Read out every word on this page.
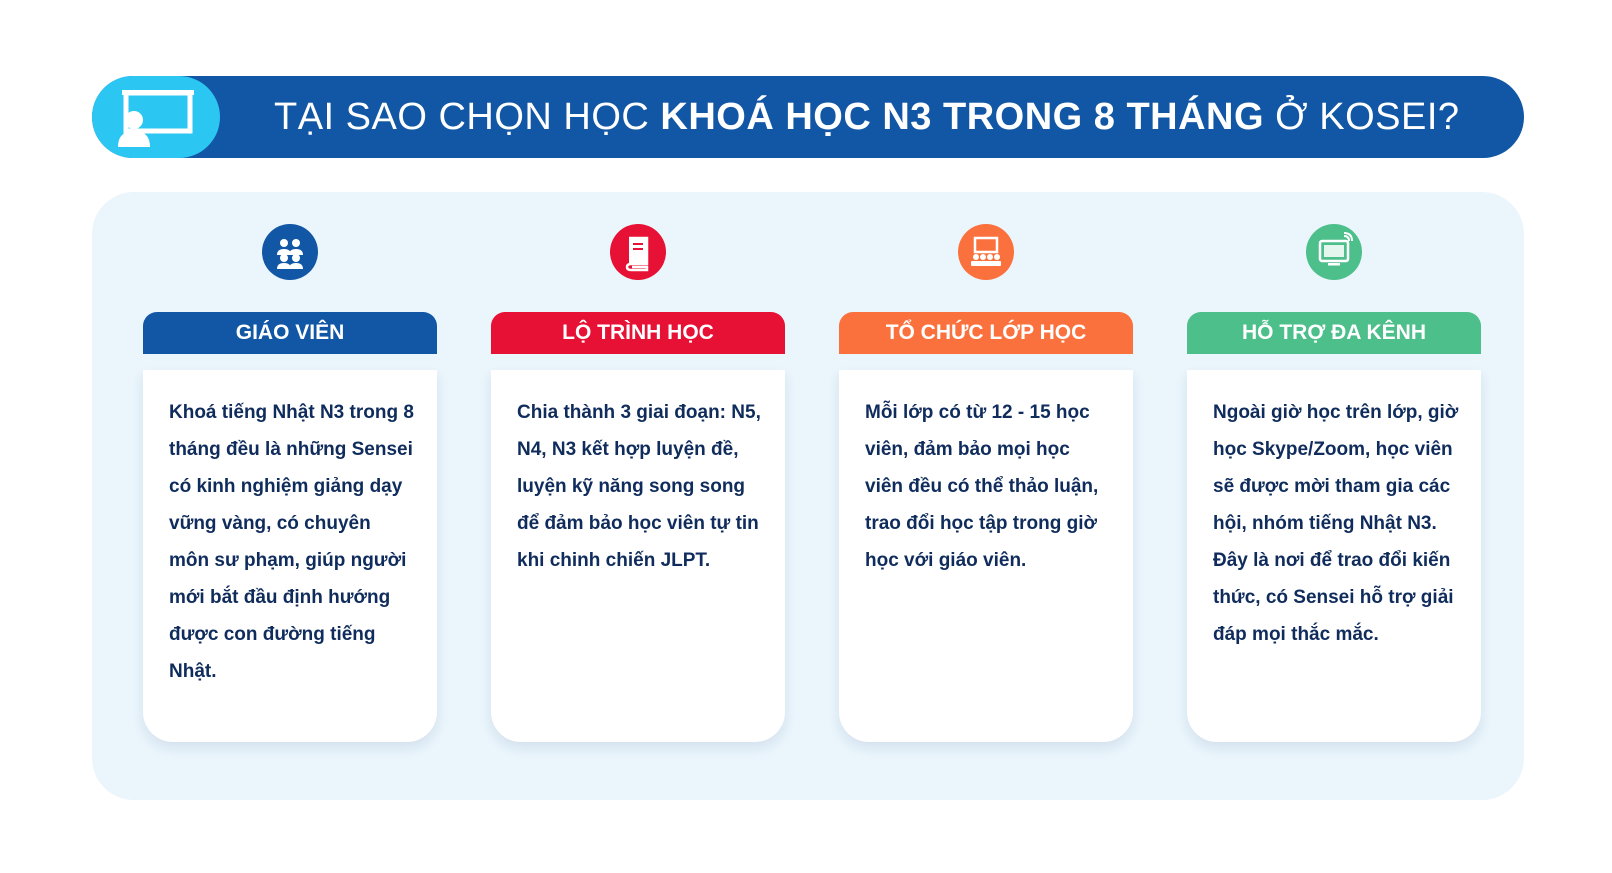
TẠI SAO CHỌN HỌC KHOÁ HỌC N3 TRONG 8 THÁNG Ở KOSEI?
GIÁO VIÊN
Khoá tiếng Nhật N3 trong 8 tháng đều là những Sensei có kinh nghiệm giảng dạy vững vàng, có chuyên môn sư phạm, giúp người mới bắt đầu định hướng được con đường tiếng Nhật.
LỘ TRÌNH HỌC
Chia thành 3 giai đoạn: N5, N4, N3 kết hợp luyện đề, luyện kỹ năng song song để đảm bảo học viên tự tin khi chinh chiến JLPT.
TỔ CHỨC LỚP HỌC
Mỗi lớp có từ 12 - 15 học viên, đảm bảo mọi học viên đều có thể thảo luận, trao đổi học tập trong giờ học với giáo viên.
HỖ TRỢ ĐA KÊNH
Ngoài giờ học trên lớp, giờ học Skype/Zoom, học viên sẽ được mời tham gia các hội, nhóm tiếng Nhật N3. Đây là nơi để trao đổi kiến thức, có Sensei hỗ trợ giải đáp mọi thắc mắc.
